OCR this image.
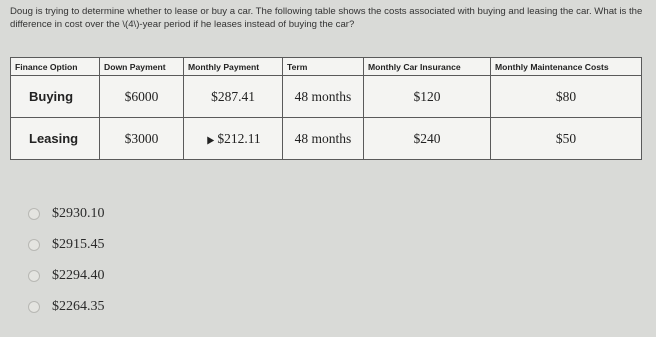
Doug is trying to determine whether to lease or buy a car. The following table shows the costs associated with buying and leasing the car. What is the difference in cost over the \(4\)-year period if he leases instead of buying the car?
Finance Option	Down Payment	Monthly Payment	Term	Monthly Car Insurance	Monthly Maintenance Costs
Buying	$6000	$287.41	48 months	$120	$80
Leasing	$3000	$212.11	48 months	$240	$50
$2930.10
$2915.45
$2294.40
$2264.35
